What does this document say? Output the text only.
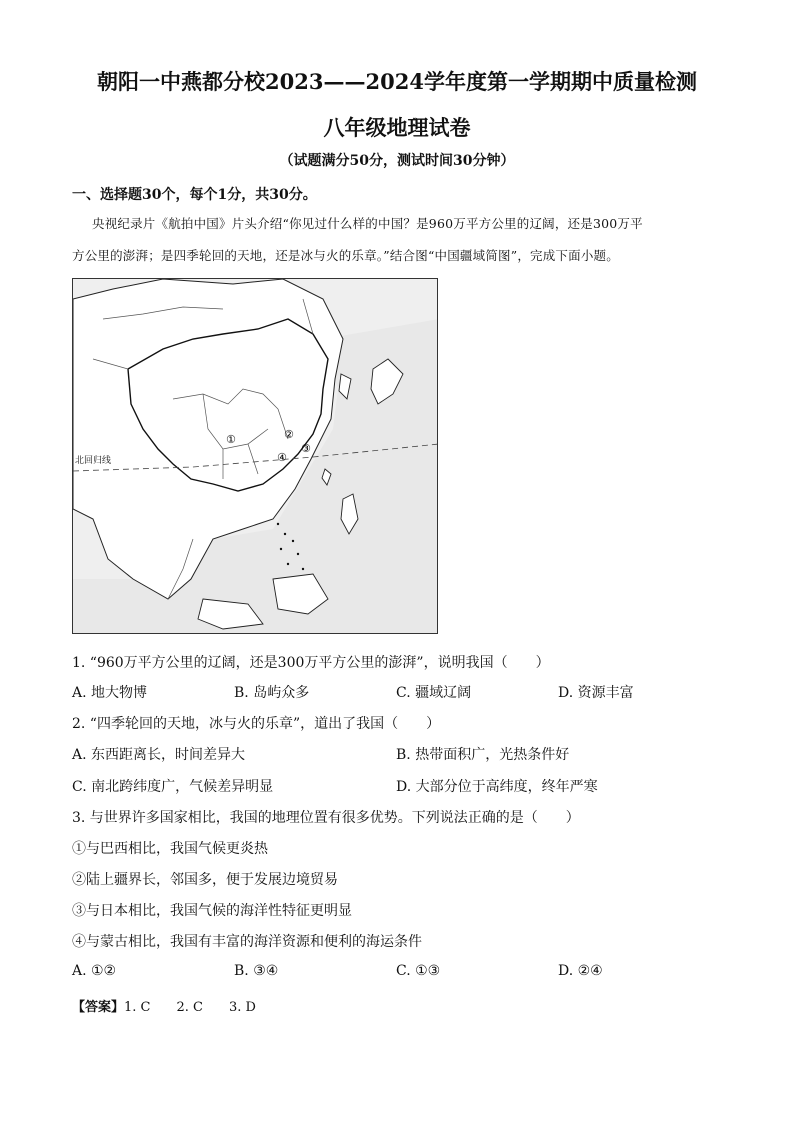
朝阳一中燕都分校2023——2024学年度第一学期期中质量检测
八年级地理试卷
（试题满分50分，测试时间30分钟）
一、选择题30个，每个1分，共30分。
央视纪录片《航拍中国》片头介绍“你见过什么样的中国？是960万平方公里的辽阔，还是300万平
方公里的澎湃；是四季轮回的天地，还是冰与火的乐章。”结合图“中国疆域简图”，完成下面小题。
北回归线
①	②
③
④
1. “960万平方公里的辽阔，还是300万平方公里的澎湃”，说明我国（　　）
A. 地大物博	B. 岛屿众多	C. 疆域辽阔	D. 资源丰富
2. “四季轮回的天地，冰与火的乐章”，道出了我国（　　）
A. 东西距离长，时间差异大	B. 热带面积广，光热条件好
C. 南北跨纬度广，气候差异明显	D. 大部分位于高纬度，终年严寒
3. 与世界许多国家相比，我国的地理位置有很多优势。下列说法正确的是（　　）
①与巴西相比，我国气候更炎热
②陆上疆界长，邻国多，便于发展边境贸易
③与日本相比，我国气候的海洋性特征更明显
④与蒙古相比，我国有丰富的海洋资源和便利的海运条件
A. ①②	B. ③④	C. ①③	D. ②④
【答案】1. C　　2. C　　3. D
